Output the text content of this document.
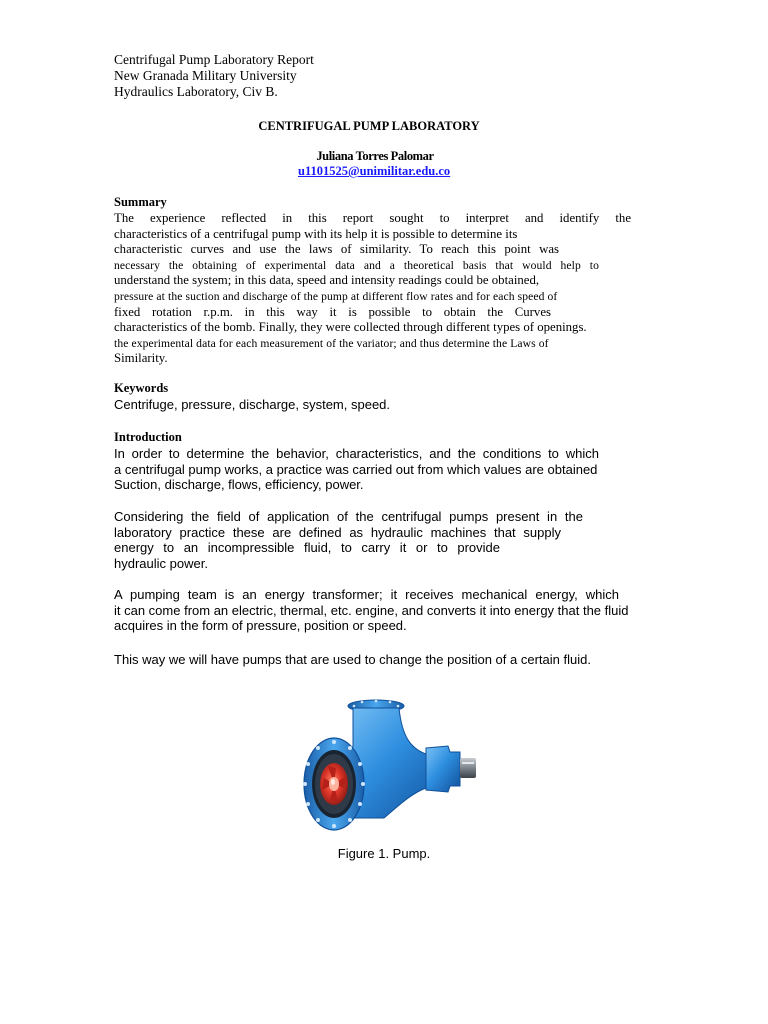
Centrifugal Pump Laboratory Report
New Granada Military University
Hydraulics Laboratory, Civ B.
CENTRIFUGAL PUMP LABORATORY
Juliana Torres Palomar
u1101525@unimilitar.edu.co
Summary
The experience reflected in this report sought to interpret and identify the
characteristics of a centrifugal pump with its help it is possible to determine its
characteristic curves and use the laws of similarity. To reach this point was
necessary the obtaining of experimental data and a theoretical basis that would help to
understand the system; in this data, speed and intensity readings could be obtained,
pressure at the suction and discharge of the pump at different flow rates and for each speed of
fixed rotation r.p.m. in this way it is possible to obtain the Curves
characteristics of the bomb. Finally, they were collected through different types of openings.
the experimental data for each measurement of the variator; and thus determine the Laws of
Similarity.
Keywords
Centrifuge, pressure, discharge, system, speed.
Introduction
In order to determine the behavior, characteristics, and the conditions to which
a centrifugal pump works, a practice was carried out from which values are obtained
Suction, discharge, flows, efficiency, power.
Considering the field of application of the centrifugal pumps present in the
laboratory practice these are defined as hydraulic machines that supply
energy to an incompressible fluid, to carry it or to provide
hydraulic power.
A pumping team is an energy transformer; it receives mechanical energy, which
it can come from an electric, thermal, etc. engine, and converts it into energy that the fluid
acquires in the form of pressure, position or speed.
This way we will have pumps that are used to change the position of a certain fluid.
Figure 1. Pump.
